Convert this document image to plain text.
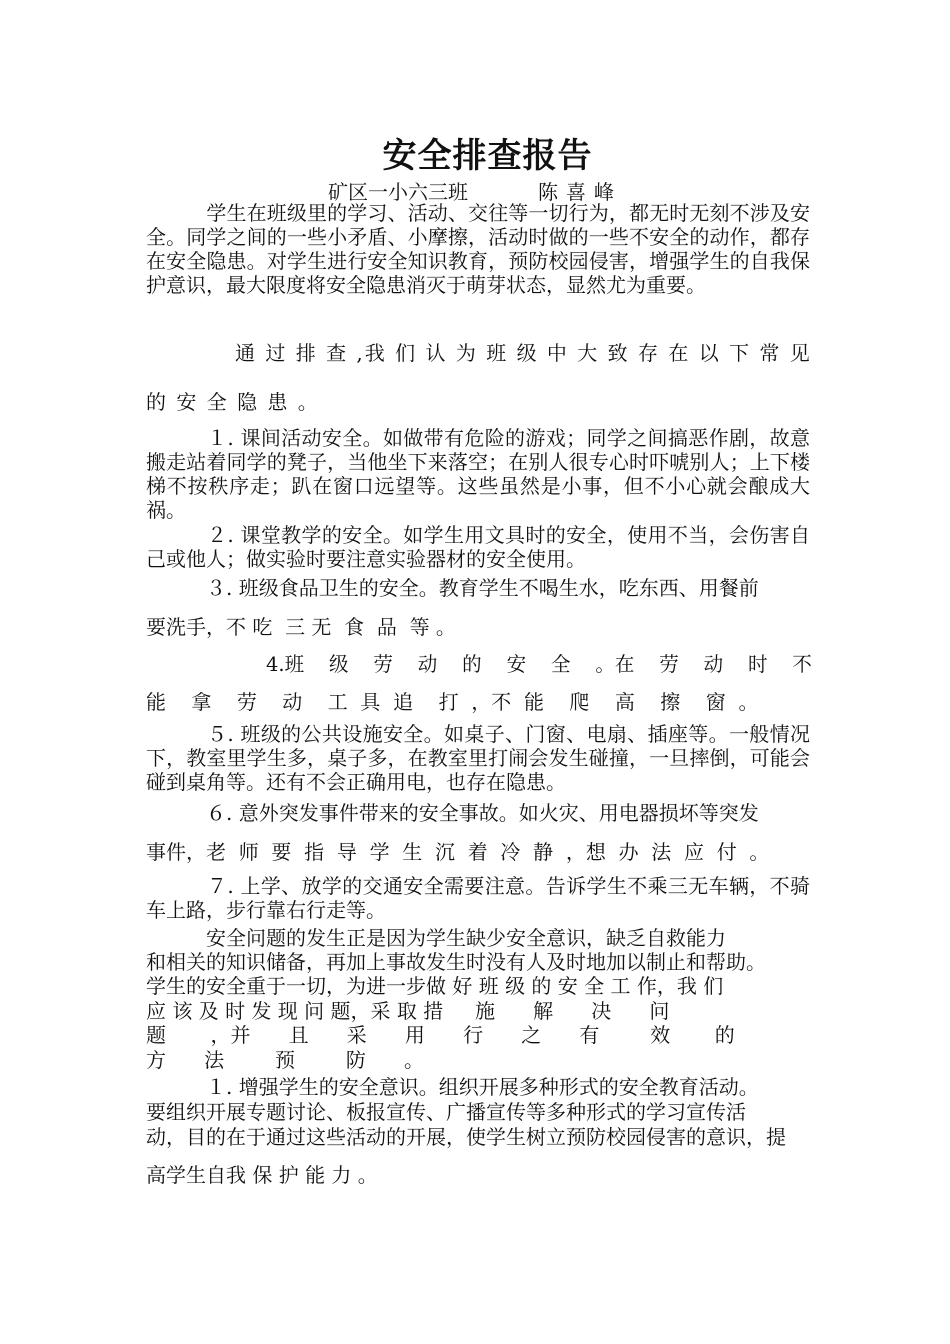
安全排查报告
矿区一小六三班	陈喜峰
　　　学生在班级里的学习、活动、交往等一切行为，都无时无刻不涉及安全。同学之间的一些小矛盾、小摩擦，活动时做的一些不安全的动作，都存在安全隐患。对学生进行安全知识教育，预防校园侵害，增强学生的自我保护意识，最大限度将安全隐患消灭于萌芽状态，显然尤为重要。
通 过 排 查 ,我 们 认 为 班 级 中 大 致 存 在 以 下 常 见
的 安 全 隐 患 。
　　　１. 课间活动安全。如做带有危险的游戏；同学之间搞恶作剧，故意搬走站着同学的凳子，当他坐下来落空；在别人很专心时吓唬别人；上下楼梯不按秩序走；趴在窗口远望等。这些虽然是小事，但不小心就会酿成大祸。
　　　２. 课堂教学的安全。如学生用文具时的安全，使用不当，会伤害自己或他人；做实验时要注意实验器材的安全使用。
　　　３. 班级食品卫生的安全。教育学生不喝生水，吃东西、用餐前
要洗手，不 吃  三 无  食  品  等 。
4.班    级    劳    动    的    安    全    。在    劳    动    时    不
能    拿    劳    动    工  具  追    打  ，不  能    爬    高    擦    窗  。
　　　５. 班级的公共设施安全。如桌子、门窗、电扇、插座等。一般情况下，教室里学生多，桌子多，在教室里打闹会发生碰撞，一旦摔倒，可能会碰到桌角等。还有不会正确用电，也存在隐患。
　　　６. 意外突发事件带来的安全事故。如火灾、用电器损坏等突发
事件，老  师  要  指  导  学  生  沉  着  冷  静  ，想  办  法  应  付  。
　　　７. 上学、放学的交通安全需要注意。告诉学生不乘三无车辆，不骑车上路，步行靠右行走等。
　　　安全问题的发生正是因为学生缺少安全意识，缺乏自救能力
和相关的知识储备，再加上事故发生时没有人及时地加以制止和帮助。
学生的安全重于一切，为进一步做 好 班 级 的 安 全 工 作，我 们
应 该 及 时 发 现 问 题，采 取 措     施      解      决      问
题       ，并      且      采      用      行      之      有        效       的
方      法        预        防      。
　　　１. 增强学生的安全意识。组织开展多种形式的安全教育活动。
要组织开展专题讨论、板报宣传、广播宣传等多种形式的学习宣传活
动，目的在于通过这些活动的开展，使学生树立预防校园侵害的意识，提
高学生自我 保 护 能 力 。
